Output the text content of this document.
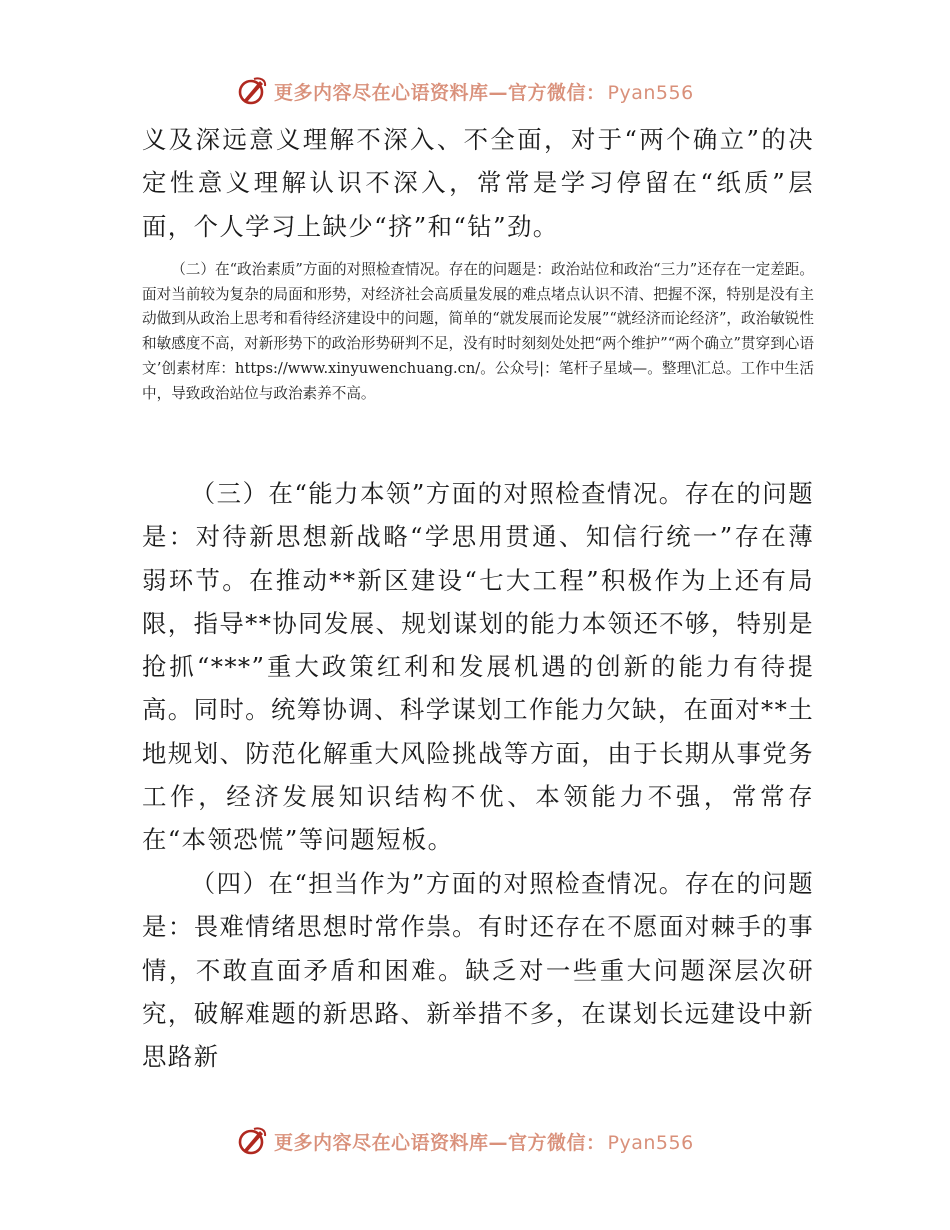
更多内容尽在心语资料库—官方微信： Pyan556

义及深远意义理解不深入、不全面，对于“两个确立”的决定性意义理解认识不深入，常常是学习停留在“纸质”层面，个人学习上缺少“挤”和“钻”劲。

（二）在“政治素质”方面的对照检查情况。存在的问题是：政治站位和政治“三力”还存在一定差距。面对当前较为复杂的局面和形势，对经济社会高质量发展的难点堵点认识不清、把握不深，特别是没有主动做到从政治上思考和看待经济建设中的问题，简单的“就发展而论发展”“就经济而论经济”，政治敏锐性和敏感度不高，对新形势下的政治形势研判不足，没有时时刻刻处处把“两个维护”“两个确立”贯穿到心语文’创素材库：https://www.xinyuwenchuang.cn/。公众号|：笔杆子星域—。整理\汇总。工作中生活中，导致政治站位与政治素养不高。

（三）在“能力本领”方面的对照检查情况。存在的问题是：对待新思想新战略“学思用贯通、知信行统一”存在薄弱环节。在推动**新区建设“七大工程”积极作为上还有局限，指导**协同发展、规划谋划的能力本领还不够，特别是抢抓“***”重大政策红利和发展机遇的创新的能力有待提高。同时。统筹协调、科学谋划工作能力欠缺，在面对**土地规划、防范化解重大风险挑战等方面，由于长期从事党务工作，经济发展知识结构不优、本领能力不强，常常存在“本领恐慌”等问题短板。

（四）在“担当作为”方面的对照检查情况。存在的问题是：畏难情绪思想时常作祟。有时还存在不愿面对棘手的事情，不敢直面矛盾和困难。缺乏对一些重大问题深层次研究，破解难题的新思路、新举措不多，在谋划长远建设中新思路新

更多内容尽在心语资料库—官方微信： Pyan556
